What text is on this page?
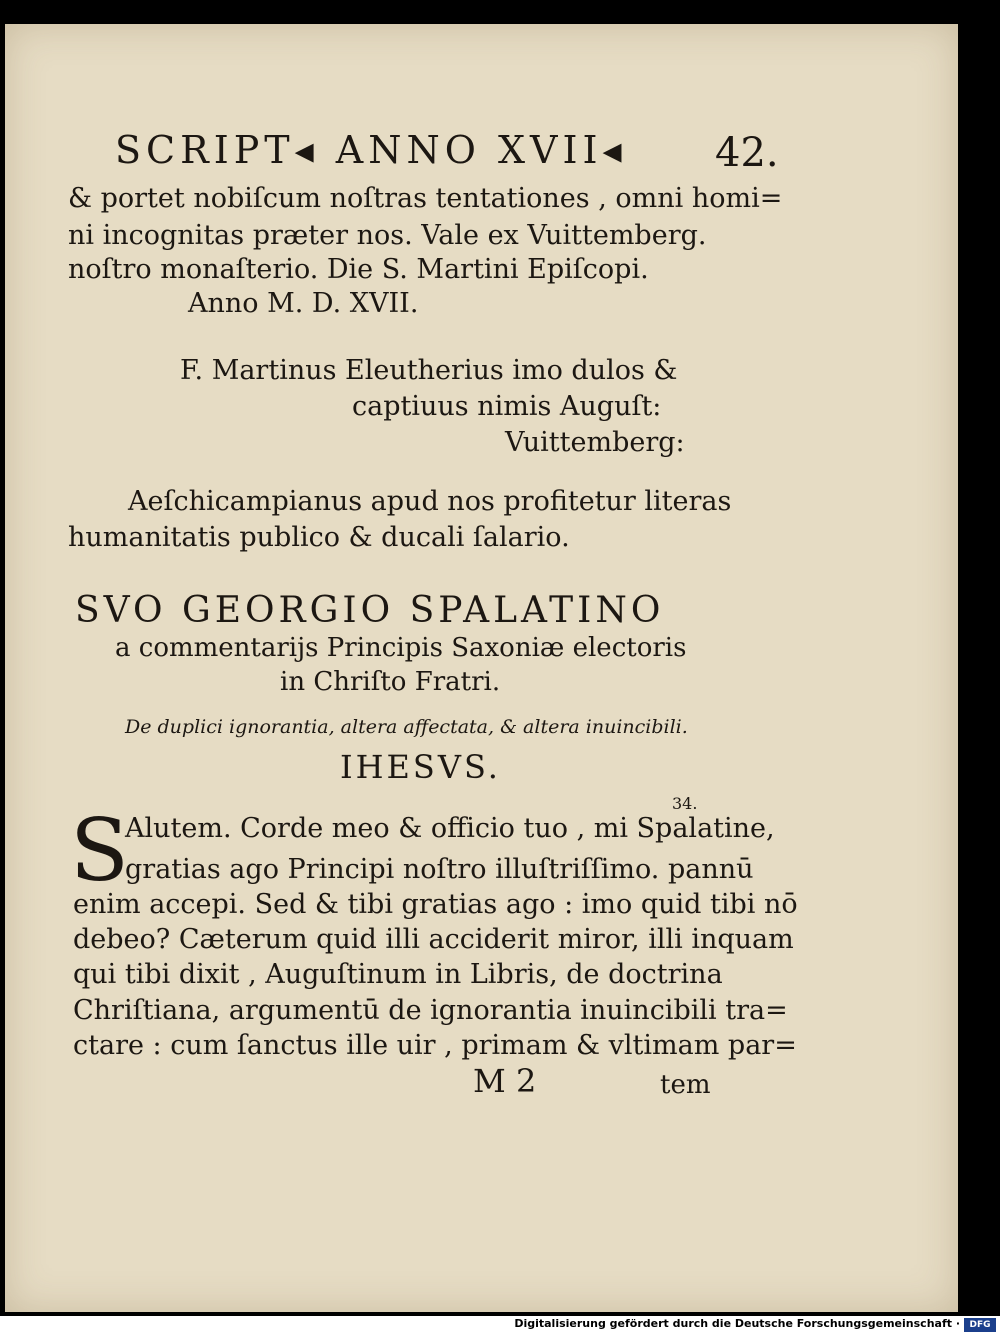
SCRIPT◂ ANNO XVII◂ 42.
& portet nobiſcum noſtras tentationes , omni homi=
ni incognitas præter nos. Vale ex Vuittemberg.
noſtro monaſterio. Die S. Martini Epiſcopi.
Anno M. D. XVII.
F. Martinus Eleutherius imo dulos &
captiuus nimis Auguſt:
Vuittemberg:
Aeſchicampianus apud nos profitetur literas
humanitatis publico & ducali ſalario.
SVO GEORGIO SPALATINO
a commentarijs Principis Saxoniæ electoris
in Chriſto Fratri.
De duplici ignorantia, altera affectata, & altera inuincibili.
IHESVS.
34.
S
Alutem. Corde meo & officio tuo , mi Spalatine,
gratias ago Principi noſtro illuſtriſſimo. pannū
enim accepi. Sed & tibi gratias ago : imo quid tibi nō
debeo? Cæterum quid illi acciderit miror, illi inquam
qui tibi dixit , Auguſtinum in Libris, de doctrina
Chriſtiana, argumentū de ignorantia inuincibili tra=
ctare : cum ſanctus ille uir , primam & vltimam par=
M 2	tem
Digitalisierung gefördert durch die Deutsche Forschungsgemeinschaft ·	DFG
